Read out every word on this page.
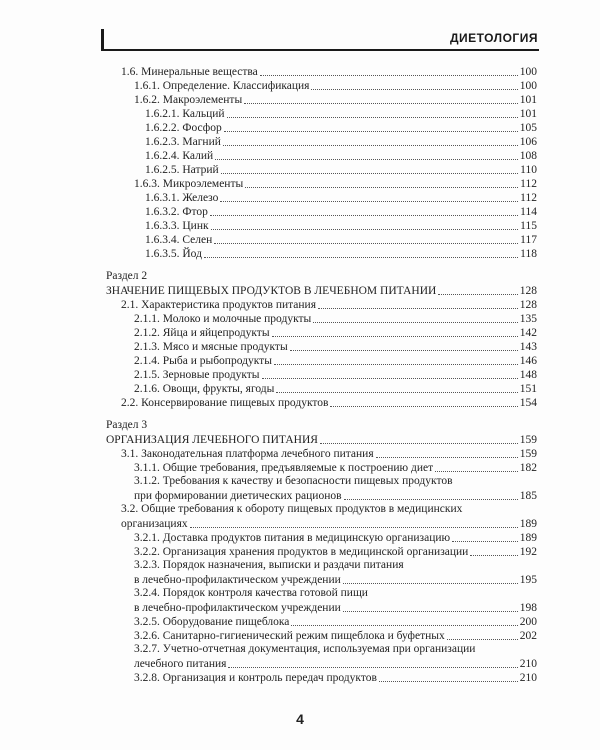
ДИЕТОЛОГИЯ
1.6. Минеральные вещества	100
1.6.1. Определение. Классификация	100
1.6.2. Макроэлементы	101
1.6.2.1. Кальций	101
1.6.2.2. Фосфор	105
1.6.2.3. Магний	106
1.6.2.4. Калий	108
1.6.2.5. Натрий	110
1.6.3. Микроэлементы	112
1.6.3.1. Железо	112
1.6.3.2. Фтор	114
1.6.3.3. Цинк	115
1.6.3.4. Селен	117
1.6.3.5. Йод	118
Раздел 2
ЗНАЧЕНИЕ ПИЩЕВЫХ ПРОДУКТОВ В ЛЕЧЕБНОМ ПИТАНИИ	128
2.1. Характеристика продуктов питания	128
2.1.1. Молоко и молочные продукты	135
2.1.2. Яйца и яйцепродукты	142
2.1.3. Мясо и мясные продукты	143
2.1.4. Рыба и рыбопродукты	146
2.1.5. Зерновые продукты	148
2.1.6. Овощи, фрукты, ягоды	151
2.2. Консервирование пищевых продуктов	154
Раздел 3
ОРГАНИЗАЦИЯ ЛЕЧЕБНОГО ПИТАНИЯ	159
3.1. Законодательная платформа лечебного питания	159
3.1.1. Общие требования, предъявляемые к построению диет	182
3.1.2. Требования к качеству и безопасности пищевых продуктов
при формировании диетических рационов	185
3.2. Общие требования к обороту пищевых продуктов в медицинских
организациях	189
3.2.1. Доставка продуктов питания в медицинскую организацию	189
3.2.2. Организация хранения продуктов в медицинской организации	192
3.2.3. Порядок назначения, выписки и раздачи питания
в лечебно-профилактическом учреждении	195
3.2.4. Порядок контроля качества готовой пищи
в лечебно-профилактическом учреждении	198
3.2.5. Оборудование пищеблока	200
3.2.6. Санитарно-гигиенический режим пищеблока и буфетных	202
3.2.7. Учетно-отчетная документация, используемая при организации
лечебного питания	210
3.2.8. Организация и контроль передач продуктов	210
4
